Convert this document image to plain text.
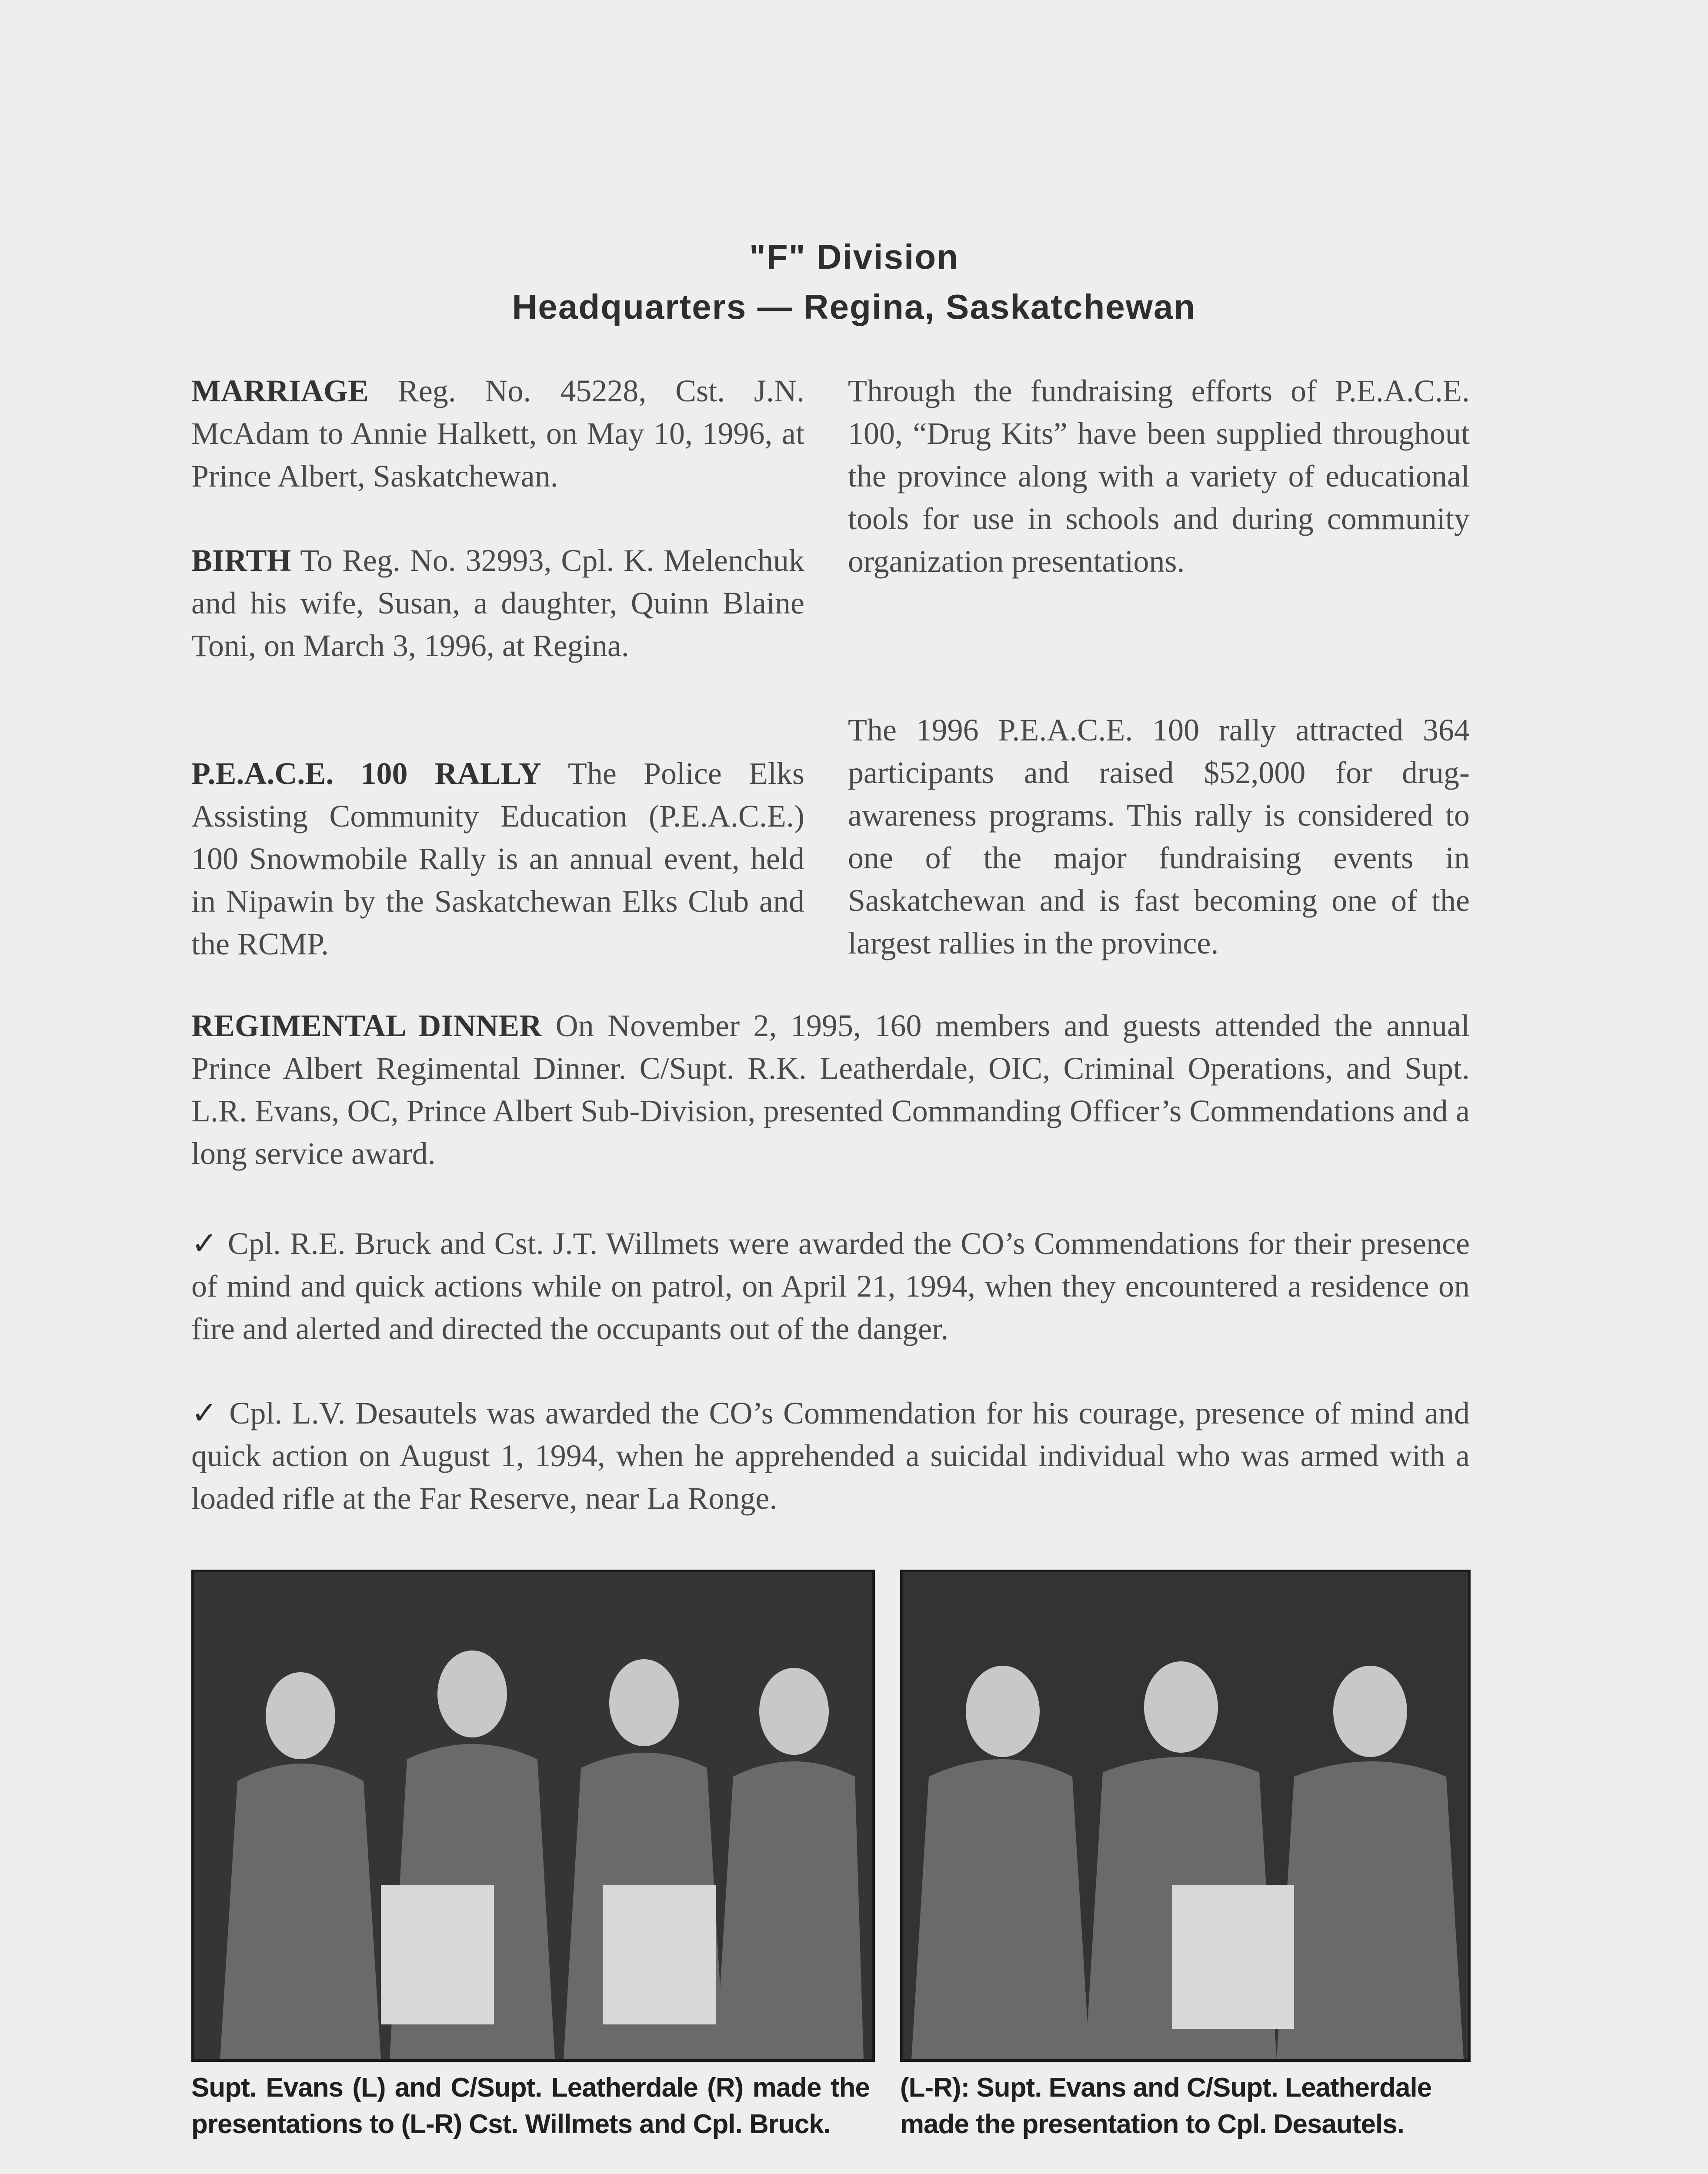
"F" Division
Headquarters — Regina, Saskatchewan
MARRIAGE Reg. No. 45228, Cst. J.N. McAdam to Annie Halkett, on May 10, 1996, at Prince Albert, Saskatchewan.
BIRTH To Reg. No. 32993, Cpl. K. Melenchuk and his wife, Susan, a daughter, Quinn Blaine Toni, on March 3, 1996, at Regina.
P.E.A.C.E. 100 RALLY The Police Elks Assisting Community Education (P.E.A.C.E.) 100 Snowmobile Rally is an annual event, held in Nipawin by the Saskatchewan Elks Club and the RCMP.
Through the fundraising efforts of P.E.A.C.E. 100, “Drug Kits” have been supplied throughout the province along with a variety of educational tools for use in schools and during community organization presentations.
The 1996 P.E.A.C.E. 100 rally attracted 364 participants and raised $52,000 for drug-awareness programs. This rally is considered to one of the major fundraising events in Saskatchewan and is fast becoming one of the largest rallies in the province.
REGIMENTAL DINNER On November 2, 1995, 160 members and guests attended the annual Prince Albert Regimental Dinner. C/Supt. R.K. Leatherdale, OIC, Criminal Operations, and Supt. L.R. Evans, OC, Prince Albert Sub-Division, presented Commanding Officer’s Commendations and a long service award.
✓ Cpl. R.E. Bruck and Cst. J.T. Willmets were awarded the CO’s Commendations for their presence of mind and quick actions while on patrol, on April 21, 1994, when they encountered a residence on fire and alerted and directed the occupants out of the danger.
✓ Cpl. L.V. Desautels was awarded the CO’s Commendation for his courage, presence of mind and quick action on August 1, 1994, when he apprehended a suicidal individual who was armed with a loaded rifle at the Far Reserve, near La Ronge.
Supt. Evans (L) and C/Supt. Leatherdale (R) made the presentations to (L-R) Cst. Willmets and Cpl. Bruck.
(L-R): Supt. Evans and C/Supt. Leatherdale made the presentation to Cpl. Desautels.
